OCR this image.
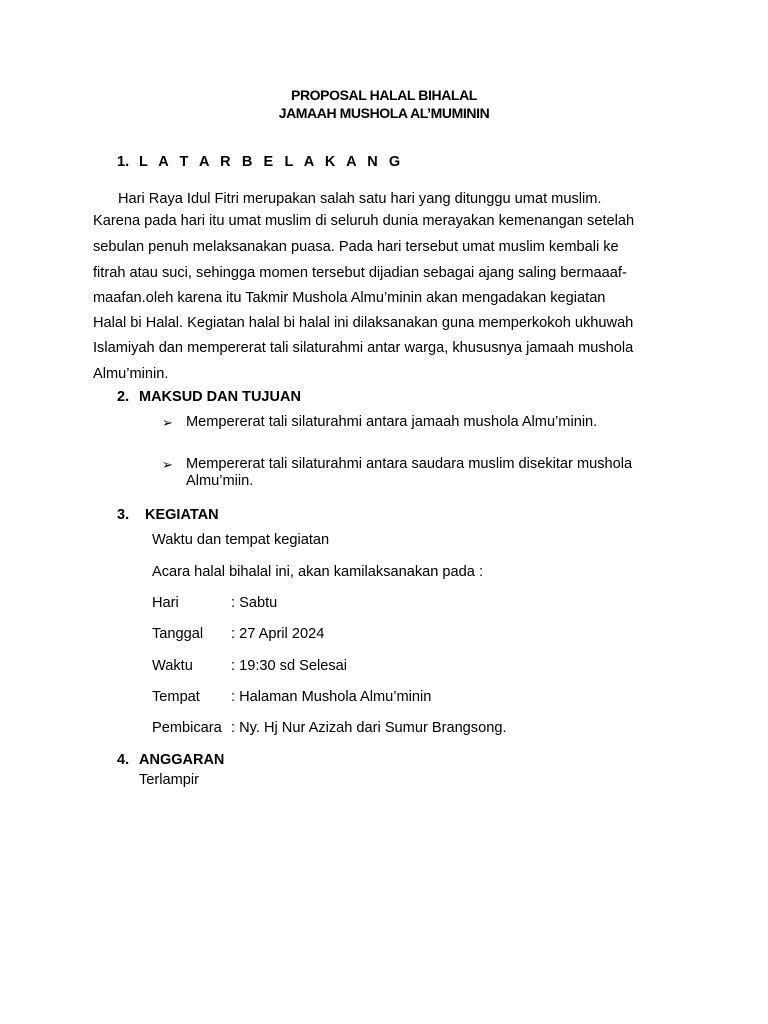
PROPOSAL HALAL BIHALAL
JAMAAH MUSHOLA AL’MUMININ
1. L A T A R B E L A K A N G
Hari Raya Idul Fitri merupakan salah satu hari yang ditunggu umat muslim.
Karena pada hari itu umat muslim di seluruh dunia merayakan kemenangan setelah
sebulan penuh melaksanakan puasa. Pada hari tersebut umat muslim kembali ke
fitrah atau suci, sehingga momen tersebut dijadian sebagai ajang saling bermaaaf-
maafan.oleh karena itu Takmir Mushola Almu’minin akan mengadakan kegiatan
Halal bi Halal. Kegiatan halal bi halal ini dilaksanakan guna memperkokoh ukhuwah
Islamiyah dan mempererat tali silaturahmi antar warga, khususnya jamaah mushola
Almu’minin.
2. MAKSUD DAN TUJUAN
➢ Mempererat tali silaturahmi antara jamaah mushola Almu’minin.
➢ Mempererat tali silaturahmi antara saudara muslim disekitar mushola
Almu’miin.
3. KEGIATAN
Waktu dan tempat kegiatan
Acara halal bihalal ini, akan kamilaksanakan pada :
Hari	: Sabtu
Tanggal : 27 April 2024
Waktu	: 19:30 sd Selesai
Tempat : Halaman Mushola Almu’minin
Pembicara : Ny. Hj Nur Azizah dari Sumur Brangsong.
4. ANGGARAN
Terlampir
